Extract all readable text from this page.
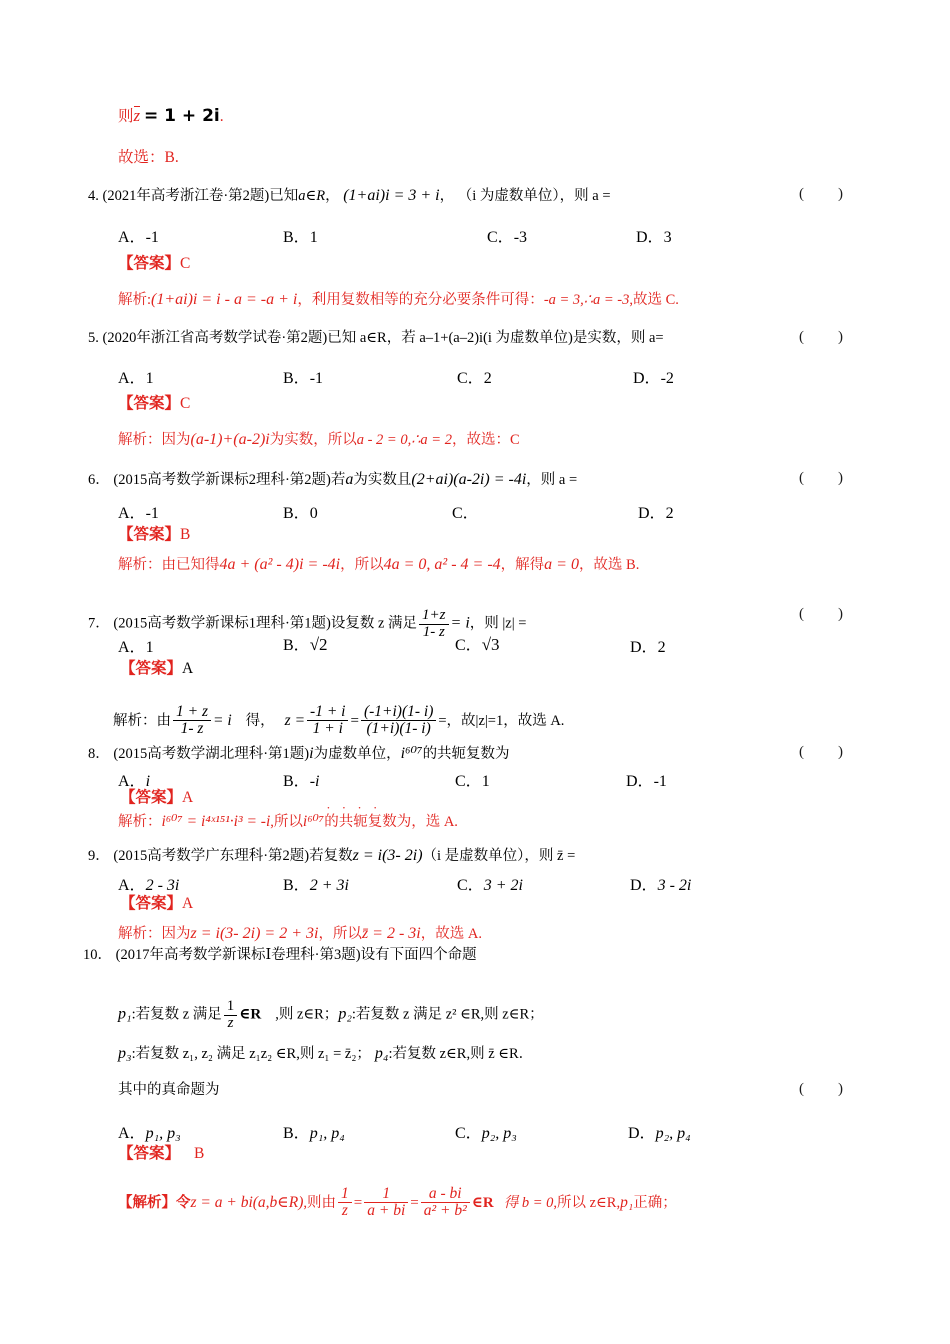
则z = 1 + 2i.
故选：B.
4. (2021年高考浙江卷·第2题)已知a∈R， (1+ai)i = 3 + i， （i 为虚数单位），则 a =	( )
A．-1	B．1	C．-3	D．3
【答案】C
解析:(1+ai)i = i - a = -a + i，利用复数相等的充分必要条件可得：-a = 3,∴a = -3,故选 C.
5. (2020年浙江省高考数学试卷·第2题)已知 a∈R，若 a–1+(a–2)i(i 为虚数单位)是实数，则 a=	( )
A．1	B．-1	C．2	D．-2
【答案】C
解析：因为(a-1)+(a-2)i为实数，所以a - 2 = 0,∴a = 2，故选：C
6． (2015高考数学新课标2理科·第2题)若a为实数且(2+ai)(a-2i) = -4i，则 a =	( )
A．-1	B．0	C．	D．2
【答案】B
解析：由已知得4a + (a² - 4)i = -4i，所以4a = 0, a² - 4 = -4，解得a = 0，故选 B.
7． (2015高考数学新课标1理科·第1题)设复数 z 满足 $\frac{1+z}{1- z} = i$，则 |z| =
( )
A．1	B．√2	C．√3	D．2
【答案】A
解析：由 $\frac{1 + z}{1- z} = i$ 得， $z = \frac{-1 + i}{1 + i} = \frac{(-1+i)(1- i)}{(1+i)(1- i)}$ =，故|z|=1，故选 A.
8． (2015高考数学湖北理科·第1题)i为虚数单位，i⁶⁰⁷的共轭复数为	( )
A．i	B．-i	C．1	D．-1
【答案】A
解析：i⁶⁰⁷ = i⁴ˣ¹⁵¹·i³ = -i,所以i⁶⁰⁷的共轭复数为，选 A. · · · ·
9． (2015高考数学广东理科·第2题)若复数z = i(3- 2i)（i 是虚数单位），则 z̄ =
A．2 - 3i	B．2 + 3i	C．3 + 2i	D．3 - 2i
【答案】A
解析：因为z = i(3- 2i) = 2 + 3i，所以z̄ = 2 - 3i，故选 A.
10． (2017年高考数学新课标Ⅰ卷理科·第3题)设有下面四个命题
p₁:若复数 z 满足 $\frac{1}{z}$ ∈R ,则 z∈R；p₂:若复数 z 满足 z² ∈R,则 z∈R；
p₃:若复数 z₁, z₂ 满足 z₁z₂ ∈R,则 z₁ = z̄₂； p₄:若复数 z∈R,则 z̄ ∈R．
其中的真命题为	( )
A．p₁, p₃	B．p₁, p₄	C．p₂, p₃	D．p₂, p₄
【答案】 B
【解析】令z = a + bi(a,b∈R),则由 $\frac{1}{z} = \frac{1}{a + bi} = \frac{a - bi}{\text{a² + b²}}$ ∈R 得 b = 0,所以 z∈R,p₁正确；
